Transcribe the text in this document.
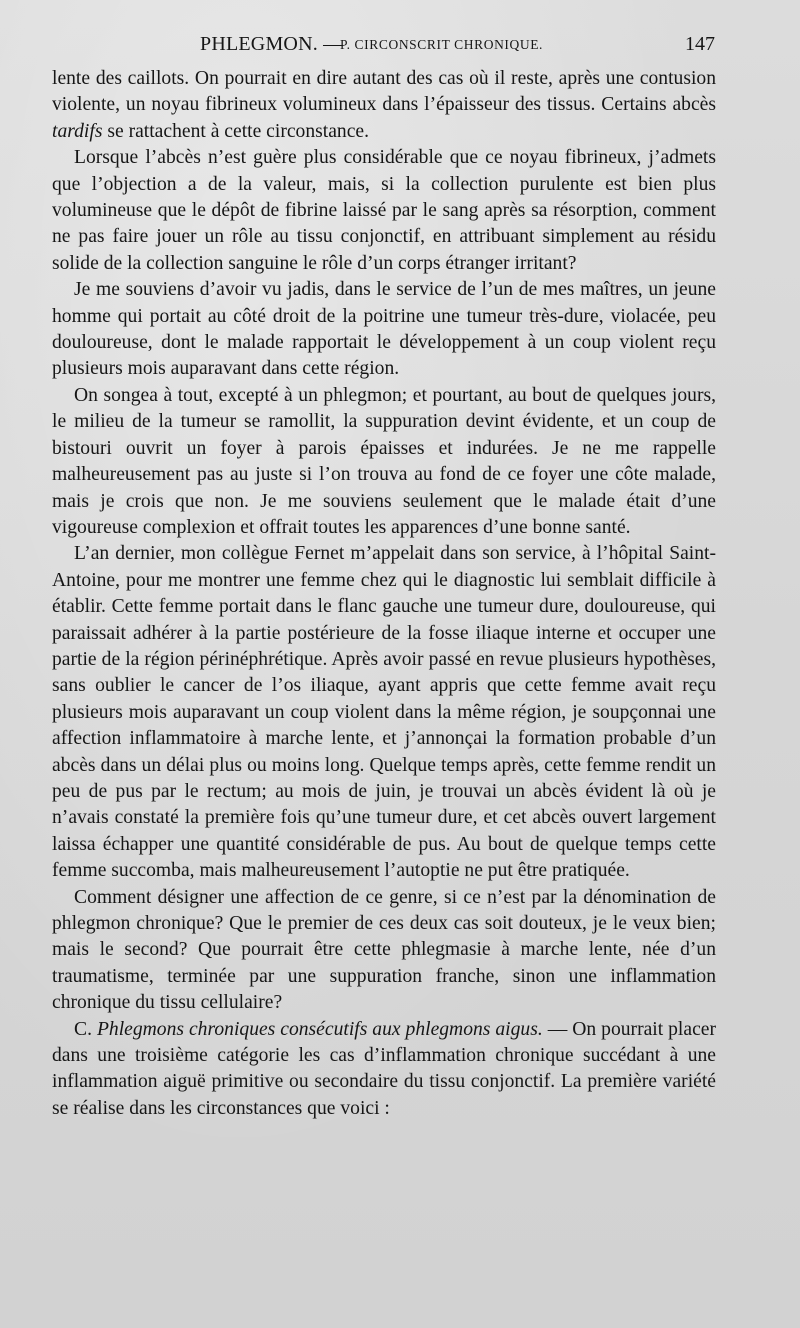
PHLEGMON. —
P. CIRCONSCRIT CHRONIQUE.	147

lente des caillots. On pourrait en dire autant des cas où il reste, après une contusion violente, un noyau fibrineux volumineux dans l’épaisseur des tissus. Certains abcès tardifs se rattachent à cette circonstance.

Lorsque l’abcès n’est guère plus considérable que ce noyau fibrineux, j’admets que l’objection a de la valeur, mais, si la collection purulente est bien plus volumineuse que le dépôt de fibrine laissé par le sang après sa résorption, comment ne pas faire jouer un rôle au tissu conjonctif, en attribuant simplement au résidu solide de la collection sanguine le rôle d’un corps étranger irritant?

Je me souviens d’avoir vu jadis, dans le service de l’un de mes maîtres, un jeune homme qui portait au côté droit de la poitrine une tumeur très-dure, violacée, peu douloureuse, dont le malade rapportait le développement à un coup violent reçu plusieurs mois auparavant dans cette région.

On songea à tout, excepté à un phlegmon; et pourtant, au bout de quelques jours, le milieu de la tumeur se ramollit, la suppuration devint évidente, et un coup de bistouri ouvrit un foyer à parois épaisses et indurées. Je ne me rappelle malheureusement pas au juste si l’on trouva au fond de ce foyer une côte malade, mais je crois que non. Je me souviens seulement que le malade était d’une vigoureuse complexion et offrait toutes les apparences d’une bonne santé.

L’an dernier, mon collègue Fernet m’appelait dans son service, à l’hôpital Saint-Antoine, pour me montrer une femme chez qui le diagnostic lui semblait difficile à établir. Cette femme portait dans le flanc gauche une tumeur dure, douloureuse, qui paraissait adhérer à la partie postérieure de la fosse iliaque interne et occuper une partie de la région périnéphrétique. Après avoir passé en revue plusieurs hypothèses, sans oublier le cancer de l’os iliaque, ayant appris que cette femme avait reçu plusieurs mois auparavant un coup violent dans la même région, je soupçonnai une affection inflammatoire à marche lente, et j’annonçai la formation probable d’un abcès dans un délai plus ou moins long. Quelque temps après, cette femme rendit un peu de pus par le rectum; au mois de juin, je trouvai un abcès évident là où je n’avais constaté la première fois qu’une tumeur dure, et cet abcès ouvert largement laissa échapper une quantité considérable de pus. Au bout de quelque temps cette femme succomba, mais malheureusement l’autoptie ne put être pratiquée.

Comment désigner une affection de ce genre, si ce n’est par la dénomination de phlegmon chronique? Que le premier de ces deux cas soit douteux, je le veux bien; mais le second? Que pourrait être cette phlegmasie à marche lente, née d’un traumatisme, terminée par une suppuration franche, sinon une inflammation chronique du tissu cellulaire?

C. Phlegmons chroniques consécutifs aux phlegmons aigus. — On pourrait placer dans une troisième catégorie les cas d’inflammation chronique succédant à une inflammation aiguë primitive ou secondaire du tissu conjonctif. La première variété se réalise dans les circonstances que voici :
